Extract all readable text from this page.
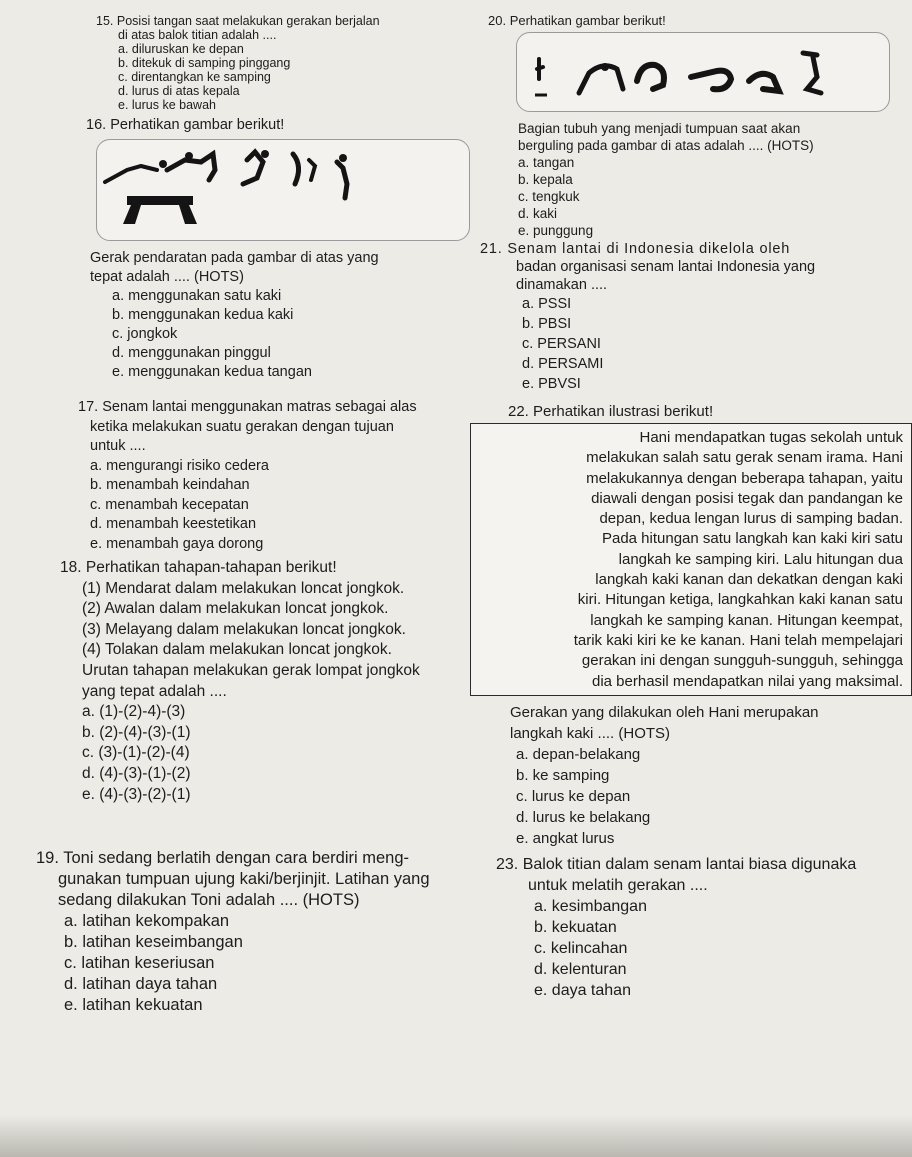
15. Posisi tangan saat melakukan gerakan berjalan
di atas balok titian adalah ....
a. diluruskan ke depan
b. ditekuk di samping pinggang
c. direntangkan ke samping
d. lurus di atas kepala
e. lurus ke bawah
16. Perhatikan gambar berikut!
Gerak pendaratan pada gambar di atas yang
tepat adalah .... (HOTS)
a. menggunakan satu kaki
b. menggunakan kedua kaki
c. jongkok
d. menggunakan pinggul
e. menggunakan kedua tangan
17. Senam lantai menggunakan matras sebagai alas
ketika melakukan suatu gerakan dengan tujuan
untuk ....
a. mengurangi risiko cedera
b. menambah keindahan
c. menambah kecepatan
d. menambah keestetikan
e. menambah gaya dorong
18. Perhatikan tahapan-tahapan berikut!
(1) Mendarat dalam melakukan loncat jongkok.
(2) Awalan dalam melakukan loncat jongkok.
(3) Melayang dalam melakukan loncat jongkok.
(4) Tolakan dalam melakukan loncat jongkok.
Urutan tahapan melakukan gerak lompat jongkok
yang tepat adalah ....
a. (1)-(2)-4)-(3)
b. (2)-(4)-(3)-(1)
c. (3)-(1)-(2)-(4)
d. (4)-(3)-(1)-(2)
e. (4)-(3)-(2)-(1)
19. Toni sedang berlatih dengan cara berdiri meng-
gunakan tumpuan ujung kaki/berjinjit. Latihan yang
sedang dilakukan Toni adalah .... (HOTS)
a. latihan kekompakan
b. latihan keseimbangan
c. latihan keseriusan
d. latihan daya tahan
e. latihan kekuatan
20. Perhatikan gambar berikut!
Bagian tubuh yang menjadi tumpuan saat akan
berguling pada gambar di atas adalah .... (HOTS)
a. tangan
b. kepala
c. tengkuk
d. kaki
e. punggung
21. Senam lantai di Indonesia dikelola oleh
badan organisasi senam lantai Indonesia yang
dinamakan ....
a. PSSI
b. PBSI
c. PERSANI
d. PERSAMI
e. PBVSI
22. Perhatikan ilustrasi berikut!
Hani mendapatkan tugas sekolah untuk
melakukan salah satu gerak senam irama. Hani
melakukannya dengan beberapa tahapan, yaitu
diawali dengan posisi tegak dan pandangan ke
depan, kedua lengan lurus di samping badan.
Pada hitungan satu langkah kan kaki kiri satu
langkah ke samping kiri. Lalu hitungan dua
langkah kaki kanan dan dekatkan dengan kaki
kiri. Hitungan ketiga, langkahkan kaki kanan satu
langkah ke samping kanan. Hitungan keempat,
tarik kaki kiri ke ke kanan. Hani telah mempelajari
gerakan ini dengan sungguh-sungguh, sehingga
dia berhasil mendapatkan nilai yang maksimal.
Gerakan yang dilakukan oleh Hani merupakan
langkah kaki .... (HOTS)
a. depan-belakang
b. ke samping
c. lurus ke depan
d. lurus ke belakang
e. angkat lurus
23. Balok titian dalam senam lantai biasa digunaka
untuk melatih gerakan ....
a. kesimbangan
b. kekuatan
c. kelincahan
d. kelenturan
e. daya tahan
